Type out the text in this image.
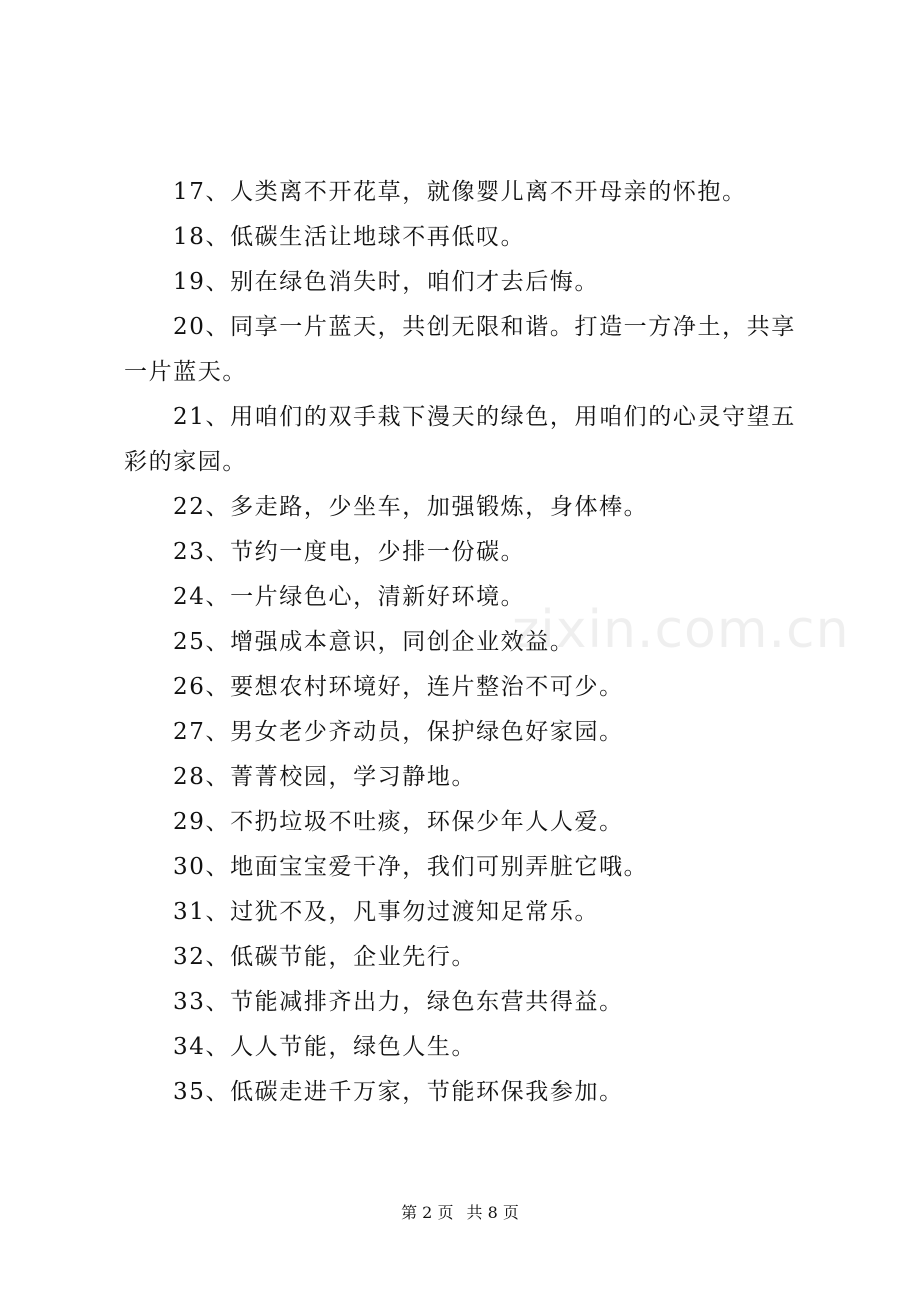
zixin.com.cn

17、人类离不开花草，就像婴儿离不开母亲的怀抱。

18、低碳生活让地球不再低叹。

19、别在绿色消失时，咱们才去后悔。

20、同享一片蓝天，共创无限和谐。打造一方净土，共享一片蓝天。

21、用咱们的双手栽下漫天的绿色，用咱们的心灵守望五彩的家园。

22、多走路，少坐车，加强锻炼，身体棒。

23、节约一度电，少排一份碳。

24、一片绿色心，清新好环境。

25、增强成本意识，同创企业效益。

26、要想农村环境好，连片整治不可少。

27、男女老少齐动员，保护绿色好家园。

28、菁菁校园，学习静地。

29、不扔垃圾不吐痰，环保少年人人爱。

30、地面宝宝爱干净，我们可别弄脏它哦。

31、过犹不及，凡事勿过渡知足常乐。

32、低碳节能，企业先行。

33、节能减排齐出力，绿色东营共得益。

34、人人节能，绿色人生。

35、低碳走进千万家，节能环保我参加。

第 2 页 共 8 页
